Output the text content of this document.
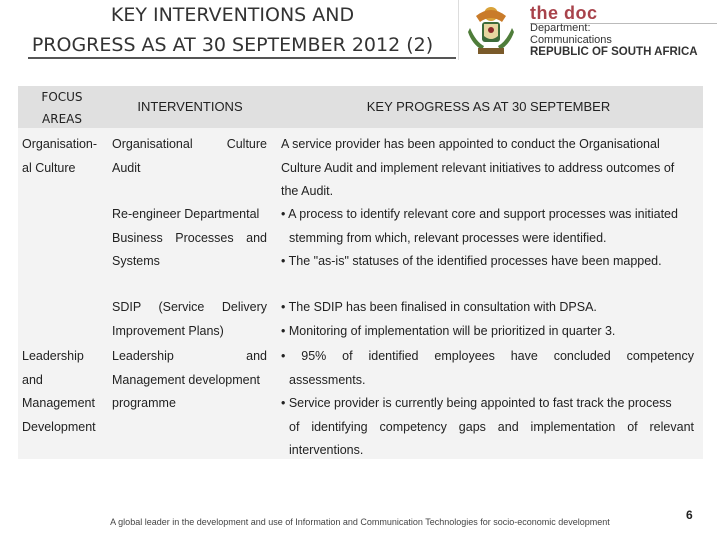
KEY INTERVENTIONS AND
PROGRESS AS AT 30 SEPTEMBER 2012 (2)
the doc
Department:
Communications
REPUBLIC OF SOUTH AFRICA
FOCUS
AREAS
INTERVENTIONS	KEY PROGRESS AS AT 30 SEPTEMBER
Organisation-
al Culture
Organisational Culture
Audit
A service provider has been appointed to conduct the Organisational
Culture Audit and implement relevant initiatives to address outcomes of
the Audit.
Re-engineer Departmental
Business Processes and
Systems
• A process to identify relevant core and support processes was initiated
stemming from which, relevant processes were identified.
• The "as-is" statuses of the identified processes have been mapped.
SDIP (Service Delivery
Improvement Plans)
• The SDIP has been finalised in consultation with DPSA.
• Monitoring of implementation will be prioritized in quarter 3.
Leadership
and
Management
Development
Leadership and
Management development
programme
• 95% of identified employees have concluded competency
assessments.
• Service provider is currently being appointed to fast track the process
of identifying competency gaps and implementation of relevant
interventions.
A global leader in the development and use of Information and Communication Technologies for socio-economic development	6
